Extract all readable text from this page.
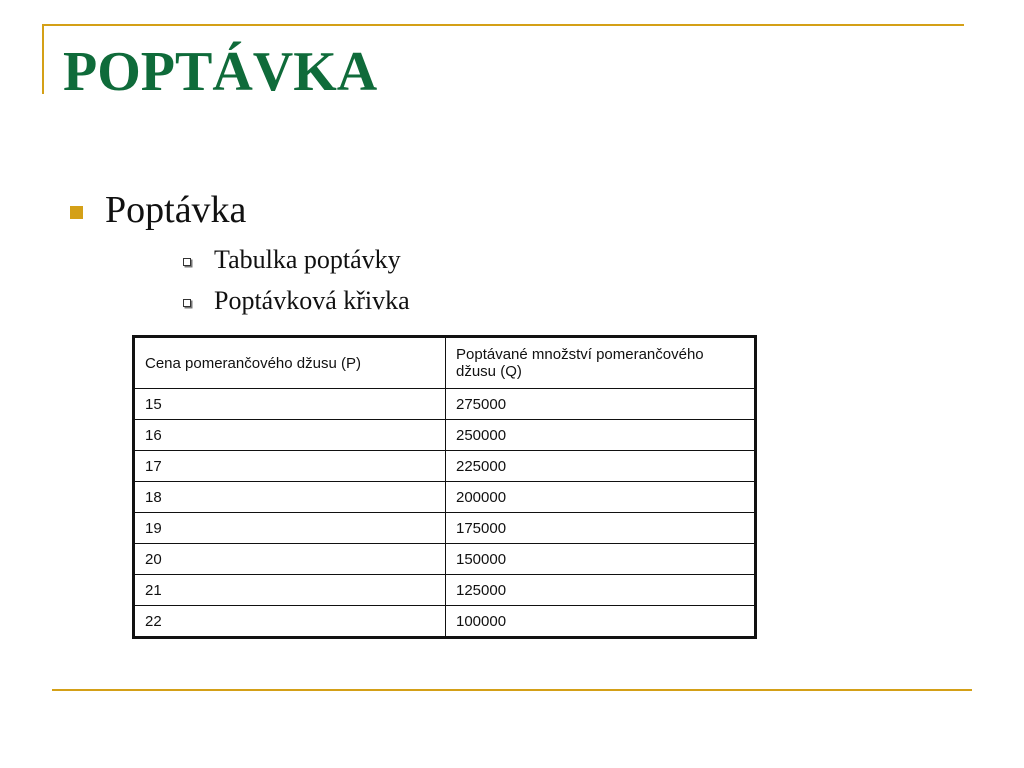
POPTÁVKA
Poptávka
Tabulka poptávky
Poptávková křivka
Cena pomerančového džusu (P)	Poptávané množství pomerančového džusu (Q)
15	275000
16	250000
17	225000
18	200000
19	175000
20	150000
21	125000
22	100000
